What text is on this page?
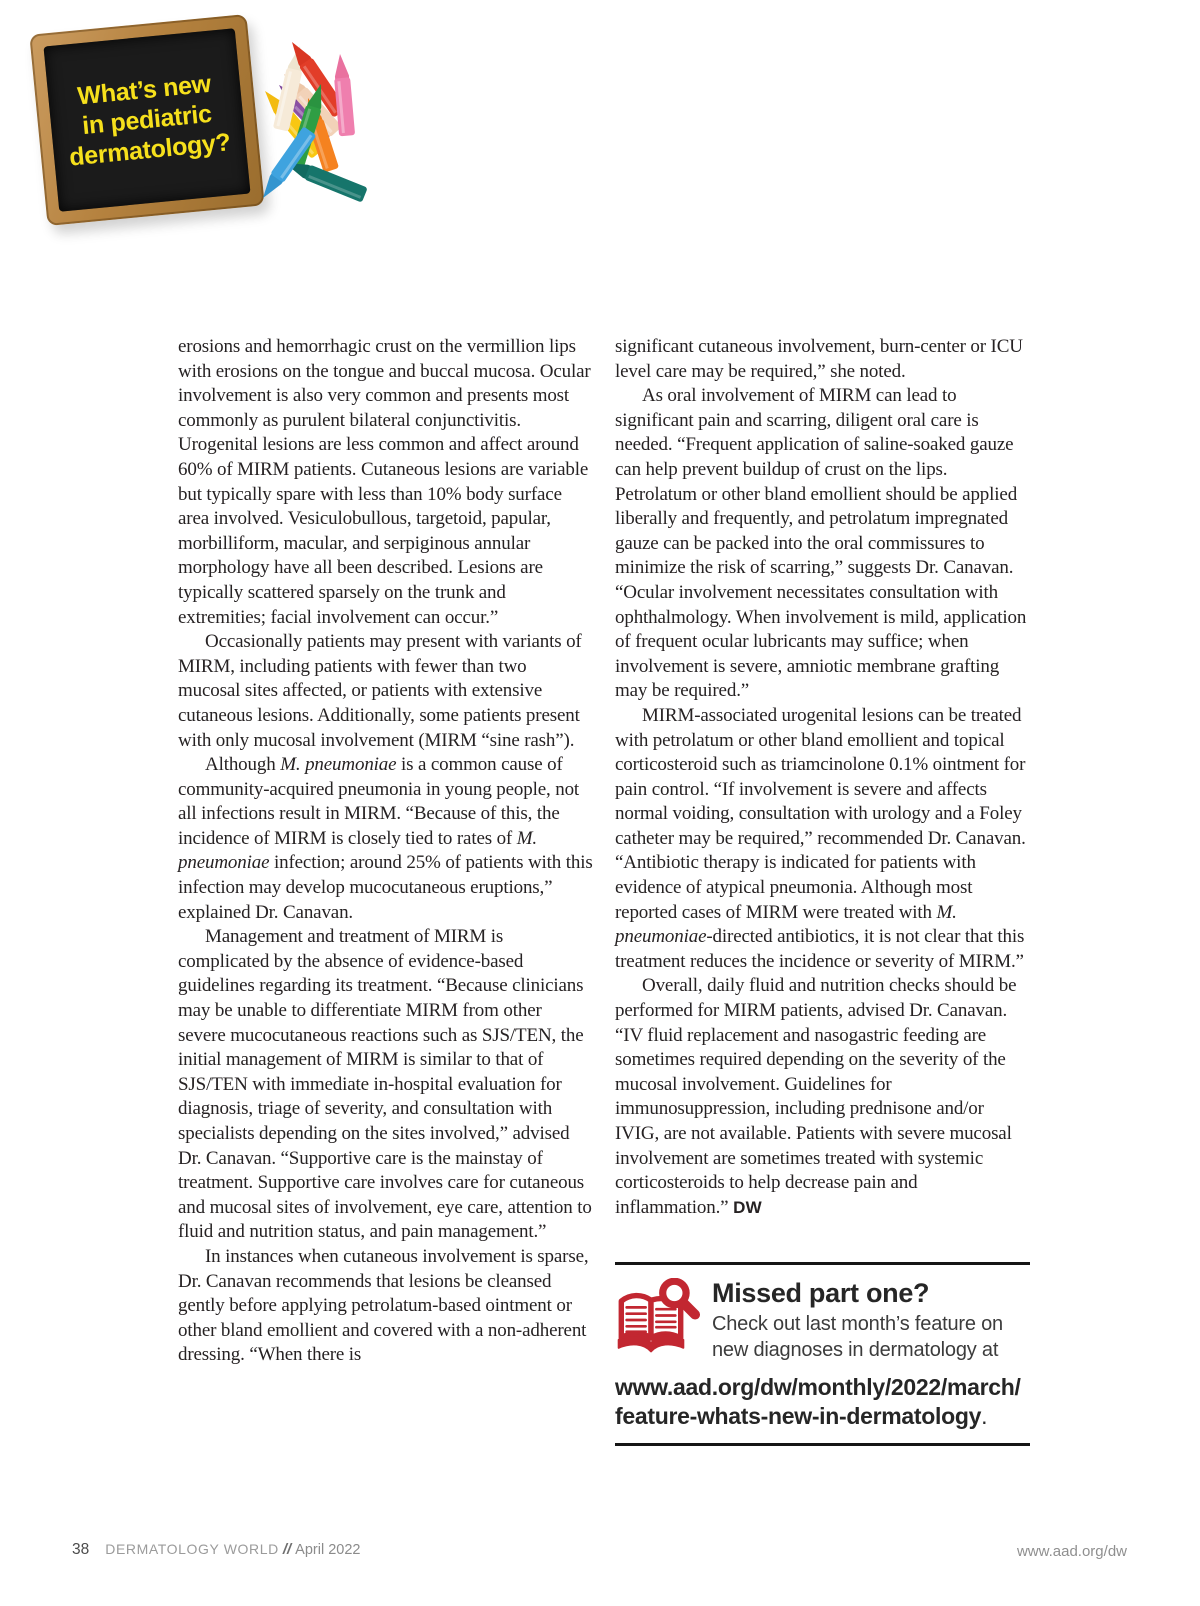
What’s new
in pediatric
dermatology?

erosions and hemorrhagic crust on the vermillion lips with erosions on the tongue and buccal mucosa. Ocular involvement is also very common and presents most commonly as purulent bilateral conjunctivitis. Urogenital lesions are less common and affect around 60% of MIRM patients. Cutaneous lesions are variable but typically spare with less than 10% body surface area involved. Vesiculobullous, targetoid, papular, morbilliform, macular, and serpiginous annular morphology have all been described. Lesions are typically scattered sparsely on the trunk and extremities; facial involvement can occur.”

Occasionally patients may present with variants of MIRM, including patients with fewer than two mucosal sites affected, or patients with extensive cutaneous lesions. Additionally, some patients present with only mucosal involvement (MIRM “sine rash”).

Although M. pneumoniae is a common cause of community-acquired pneumonia in young people, not all infections result in MIRM. “Because of this, the incidence of MIRM is closely tied to rates of M. pneumoniae infection; around 25% of patients with this infection may develop mucocutaneous eruptions,” explained Dr. Canavan.

Management and treatment of MIRM is complicated by the absence of evidence-based guidelines regarding its treatment. “Because clinicians may be unable to differentiate MIRM from other severe mucocutaneous reactions such as SJS/TEN, the initial management of MIRM is similar to that of SJS/TEN with immediate in-hospital evaluation for diagnosis, triage of severity, and consultation with specialists depending on the sites involved,” advised Dr. Canavan. “Supportive care is the mainstay of treatment. Supportive care involves care for cutaneous and mucosal sites of involvement, eye care, attention to fluid and nutrition status, and pain management.”

In instances when cutaneous involvement is sparse, Dr. Canavan recommends that lesions be cleansed gently before applying petrolatum-based ointment or other bland emollient and covered with a non-adherent dressing. “When there is

significant cutaneous involvement, burn-center or ICU level care may be required,” she noted.

As oral involvement of MIRM can lead to significant pain and scarring, diligent oral care is needed. “Frequent application of saline-soaked gauze can help prevent buildup of crust on the lips. Petrolatum or other bland emollient should be applied liberally and frequently, and petrolatum impregnated gauze can be packed into the oral commissures to minimize the risk of scarring,” suggests Dr. Canavan. “Ocular involvement necessitates consultation with ophthalmology. When involvement is mild, application of frequent ocular lubricants may suffice; when involvement is severe, amniotic membrane grafting may be required.”

MIRM-associated urogenital lesions can be treated with petrolatum or other bland emollient and topical corticosteroid such as triamcinolone 0.1% ointment for pain control. “If involvement is severe and affects normal voiding, consultation with urology and a Foley catheter may be required,” recommended Dr. Canavan. “Antibiotic therapy is indicated for patients with evidence of atypical pneumonia. Although most reported cases of MIRM were treated with M. pneumoniae-directed antibiotics, it is not clear that this treatment reduces the incidence or severity of MIRM.”

Overall, daily fluid and nutrition checks should be performed for MIRM patients, advised Dr. Canavan. “IV fluid replacement and nasogastric feeding are sometimes required depending on the severity of the mucosal involvement. Guidelines for immunosuppression, including prednisone and/or IVIG, are not available. Patients with severe mucosal involvement are sometimes treated with systemic corticosteroids to help decrease pain and inflammation.” DW

Missed part one?
Check out last month’s feature on
new diagnoses in dermatology at
www.aad.org/dw/monthly/2022/march/
feature-whats-new-in-dermatology.
38 DERMATOLOGY WORLD // April 2022	www.aad.org/dw
